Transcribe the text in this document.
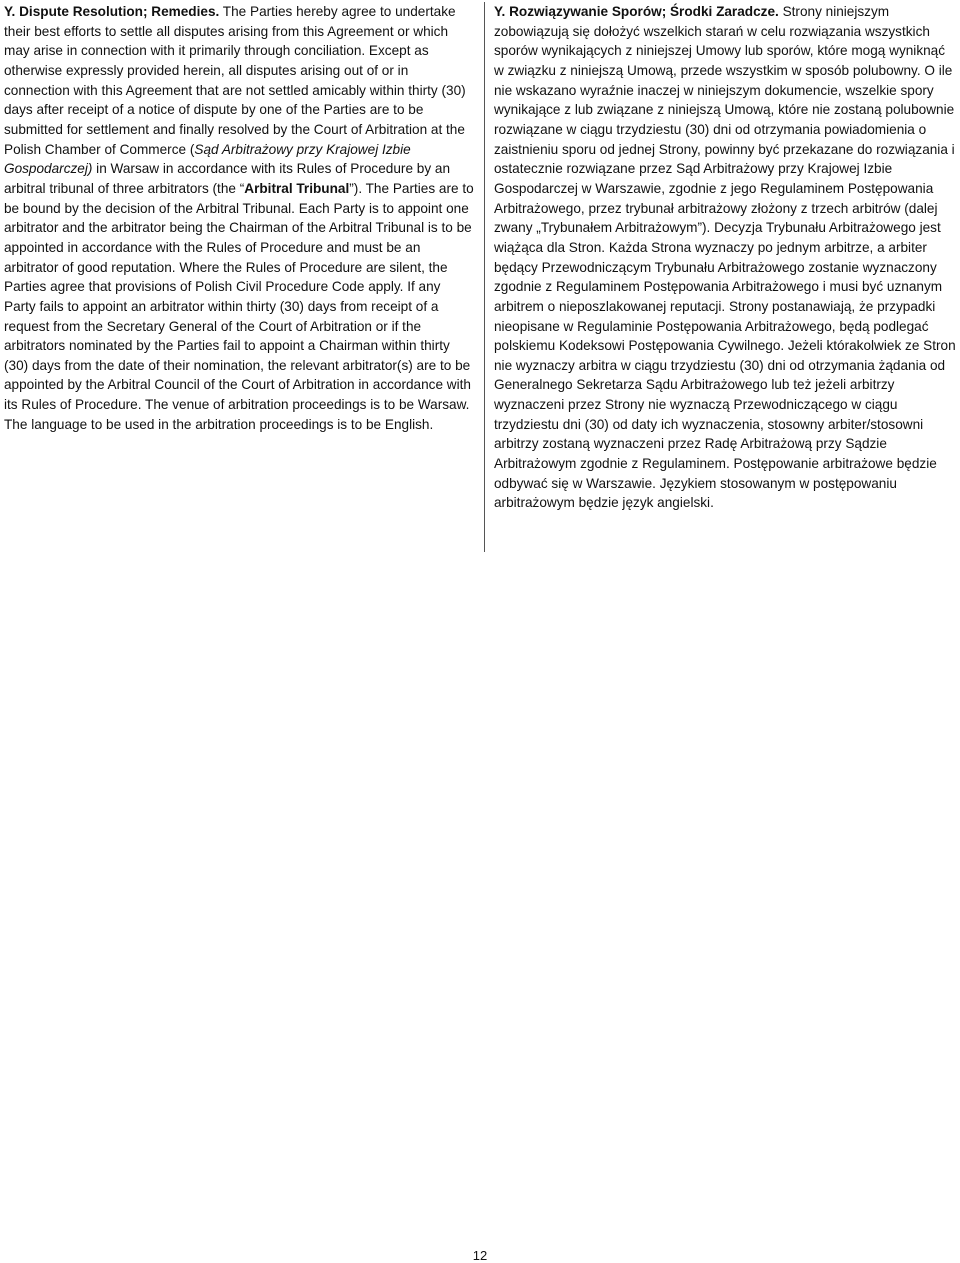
Y. Dispute Resolution; Remedies. The Parties hereby agree to undertake their best efforts to settle all disputes arising from this Agreement or which may arise in connection with it primarily through conciliation. Except as otherwise expressly provided herein, all disputes arising out of or in connection with this Agreement that are not settled amicably within thirty (30) days after receipt of a notice of dispute by one of the Parties are to be submitted for settlement and finally resolved by the Court of Arbitration at the Polish Chamber of Commerce (Sąd Arbitrażowy przy Krajowej Izbie Gospodarczej) in Warsaw in accordance with its Rules of Procedure by an arbitral tribunal of three arbitrators (the “Arbitral Tribunal”). The Parties are to be bound by the decision of the Arbitral Tribunal. Each Party is to appoint one arbitrator and the arbitrator being the Chairman of the Arbitral Tribunal is to be appointed in accordance with the Rules of Procedure and must be an arbitrator of good reputation. Where the Rules of Procedure are silent, the Parties agree that provisions of Polish Civil Procedure Code apply. If any Party fails to appoint an arbitrator within thirty (30) days from receipt of a request from the Secretary General of the Court of Arbitration or if the arbitrators nominated by the Parties fail to appoint a Chairman within thirty (30) days from the date of their nomination, the relevant arbitrator(s) are to be appointed by the Arbitral Council of the Court of Arbitration in accordance with its Rules of Procedure. The venue of arbitration proceedings is to be Warsaw. The language to be used in the arbitration proceedings is to be English.

Y. Rozwiązywanie Sporów; Środki Zaradcze. Strony niniejszym zobowiązują się dołożyć wszelkich starań w celu rozwiązania wszystkich sporów wynikających z niniejszej Umowy lub sporów, które mogą wyniknąć w związku z niniejszą Umową, przede wszystkim w sposób polubowny. O ile nie wskazano wyraźnie inaczej w niniejszym dokumencie, wszelkie spory wynikające z lub związane z niniejszą Umową, które nie zostaną polubownie rozwiązane w ciągu trzydziestu (30) dni od otrzymania powiadomienia o zaistnieniu sporu od jednej Strony, powinny być przekazane do rozwiązania i ostatecznie rozwiązane przez Sąd Arbitrażowy przy Krajowej Izbie Gospodarczej w Warszawie, zgodnie z jego Regulaminem Postępowania Arbitrażowego, przez trybunał arbitrażowy złożony z trzech arbitrów (dalej zwany „Trybunałem Arbitrażowym”). Decyzja Trybunału Arbitrażowego jest wiążąca dla Stron. Każda Strona wyznaczy po jednym arbitrze, a arbiter będący Przewodniczącym Trybunału Arbitrażowego zostanie wyznaczony zgodnie z Regulaminem Postępowania Arbitrażowego i musi być uznanym arbitrem o nieposzlakowanej reputacji. Strony postanawiają, że przypadki nieopisane w Regulaminie Postępowania Arbitrażowego, będą podlegać polskiemu Kodeksowi Postępowania Cywilnego. Jeżeli którakolwiek ze Stron nie wyznaczy arbitra w ciągu trzydziestu (30) dni od otrzymania żądania od Generalnego Sekretarza Sądu Arbitrażowego lub też jeżeli arbitrzy wyznaczeni przez Strony nie wyznaczą Przewodniczącego w ciągu trzydziestu dni (30) od daty ich wyznaczenia, stosowny arbiter/stosowni arbitrzy zostaną wyznaczeni przez Radę Arbitrażową przy Sądzie Arbitrażowym zgodnie z Regulaminem. Postępowanie arbitrażowe będzie odbywać się w Warszawie. Językiem stosowanym w postępowaniu arbitrażowym będzie język angielski.

12
